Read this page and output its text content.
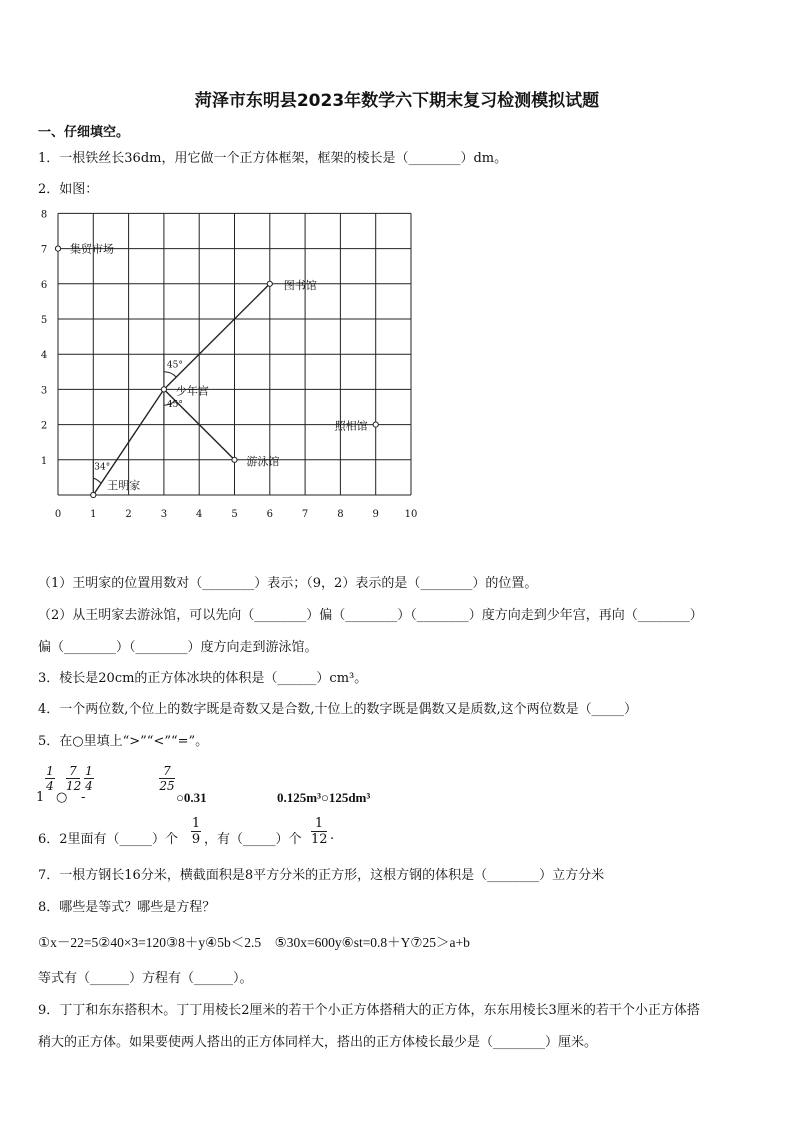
菏泽市东明县2023年数学六下期末复习检测模拟试题
一、仔细填空。
1．一根铁丝长36dm，用它做一个正方体框架，框架的棱长是（________）dm。
2．如图：
0	1	2	3	4	5	6	7	8	9	10
1
2
3
4
5
6
7
8
45°
45°
34°
集贸市场
图书馆
少年宫
照相馆
游泳馆
王明家
（1）王明家的位置用数对（________）表示；（9，2）表示的是（________）的位置。
（2）从王明家去游泳馆，可以先向（________）偏（________）（________）度方向走到少年宫，再向（________）
偏（________）（________）度方向走到游泳馆。
3．棱长是20cm的正方体冰块的体积是（______）cm³。
4．一个两位数,个位上的数字既是奇数又是合数,十位上的数字既是偶数又是质数,这个两位数是（_____）
5．在○里填上“>”“<”“=”。
1
1
4
○
7
12
-
1
4
7
25
○0.31	0.125m³○125dm³
6．2里面有（_____）个
1
9 ，有（_____）个
1
12 .
7．一根方钢长16分米，横截面积是8平方分米的正方形，这根方钢的体积是（________）立方分米
8．哪些是等式？哪些是方程？
①x－22=5②40×3=120③8＋y④5b＜2.5　⑤30x=600y⑥st=0.8＋Y⑦25＞a+b
等式有（______）方程有（______）。
9．丁丁和东东搭积木。丁丁用棱长2厘米的若干个小正方体搭稍大的正方体，东东用棱长3厘米的若干个小正方体搭
稍大的正方体。如果要使两人搭出的正方体同样大，搭出的正方体棱长最少是（________）厘米。
